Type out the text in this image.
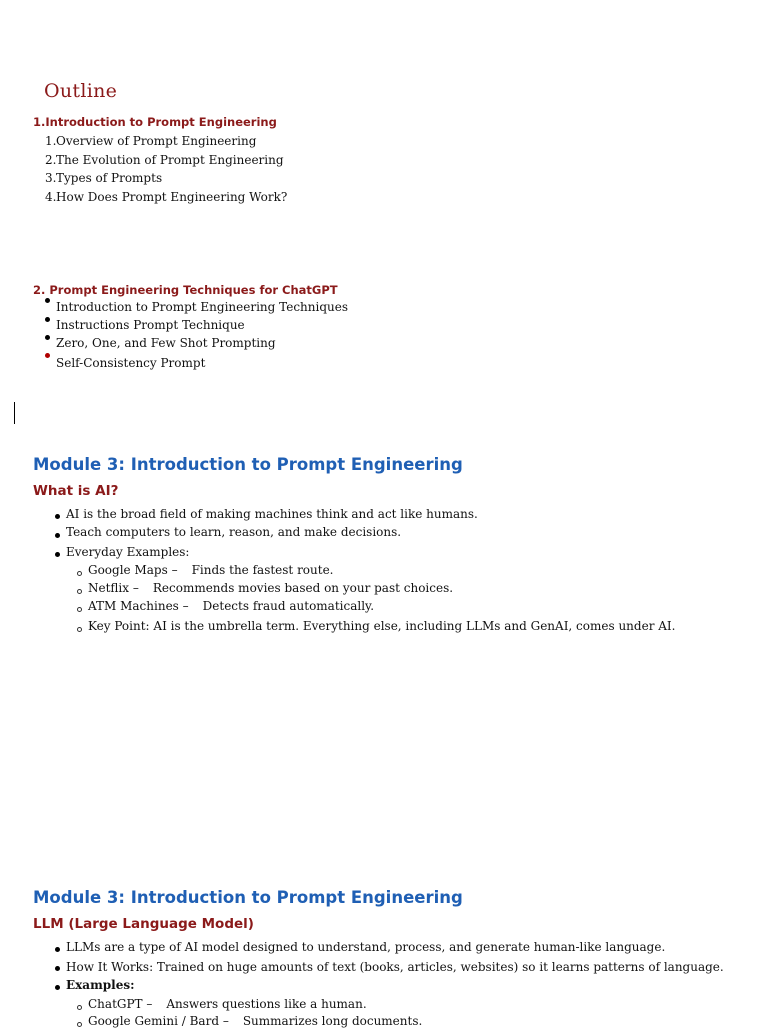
Outline
1.Introduction to Prompt Engineering
1.Overview of Prompt Engineering
2.The Evolution of Prompt Engineering
3.Types of Prompts
4.How Does Prompt Engineering Work?
2. Prompt Engineering Techniques for ChatGPT
Introduction to Prompt Engineering Techniques
Instructions Prompt Technique
Zero, One, and Few Shot Prompting
Self-Consistency Prompt
Module 3: Introduction to Prompt Engineering
What is AI?
AI is the broad field of making machines think and act like humans.
Teach computers to learn, reason, and make decisions.
Everyday Examples:
Google Maps – Finds the fastest route.
Netflix – Recommends movies based on your past choices.
ATM Machines – Detects fraud automatically.
Key Point: AI is the umbrella term. Everything else, including LLMs and GenAI, comes under AI.
Module 3: Introduction to Prompt Engineering
LLM (Large Language Model)
LLMs are a type of AI model designed to understand, process, and generate human-like language.
How It Works: Trained on huge amounts of text (books, articles, websites) so it learns patterns of language.
Examples:
ChatGPT – Answers questions like a human.
Google Gemini / Bard – Summarizes long documents.
